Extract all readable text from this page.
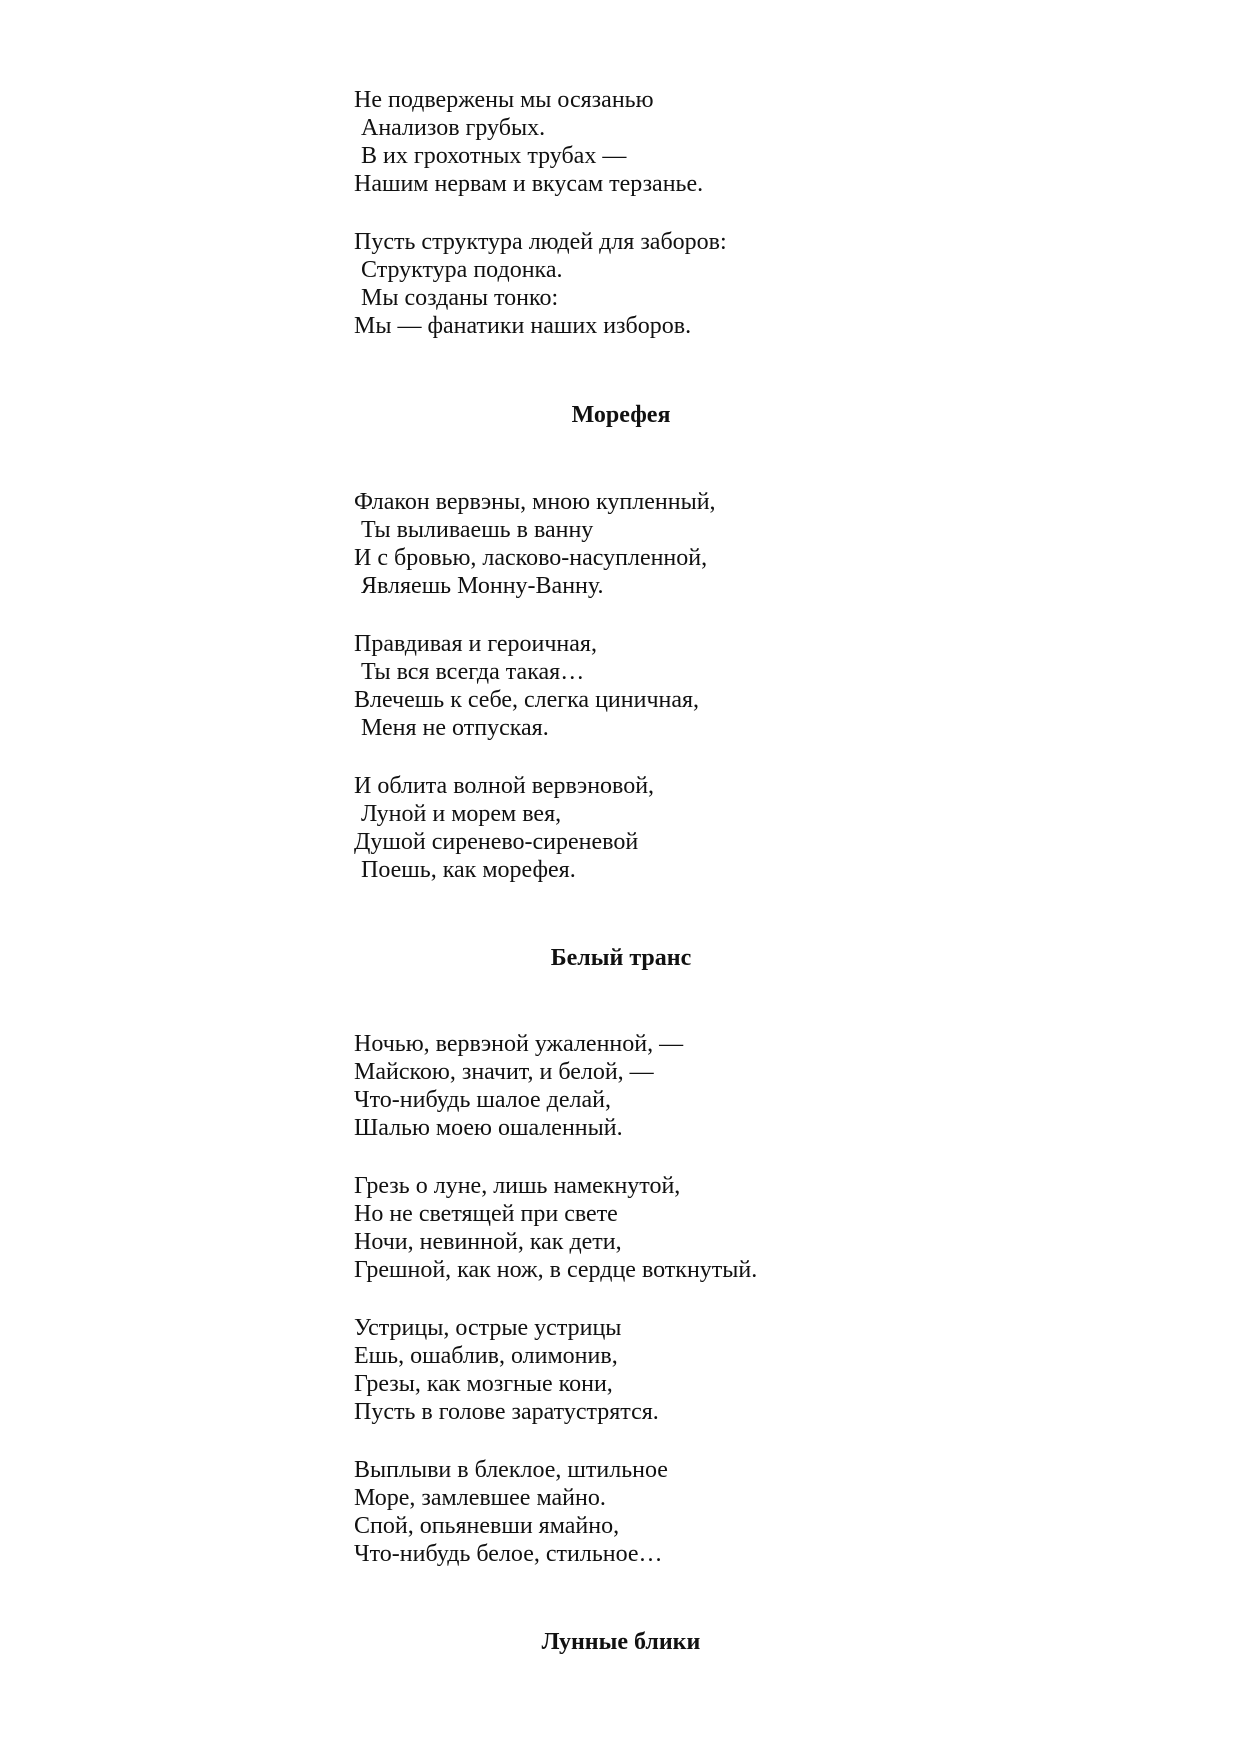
Не подвержены мы осязанью
Анализов грубых.
В их грохотных трубах —
Нашим нервам и вкусам терзанье.
Пусть структура людей для заборов:
Структура подонка.
Мы созданы тонко:
Мы — фанатики наших изборов.
Морефея
Флакон вервэны, мною купленный,
Ты выливаешь в ванну
И с бровью, ласково-насупленной,
Являешь Монну-Ванну.
Правдивая и героичная,
Ты вся всегда такая…
Влечешь к себе, слегка циничная,
Меня не отпуская.
И облита волной вервэновой,
Луной и морем вея,
Душой сиренево-сиреневой
Поешь, как морефея.
Белый транс
Ночью, вервэной ужаленной, —
Майскою, значит, и белой, —
Что-нибудь шалое делай,
Шалью моею ошаленный.
Грезь о луне, лишь намекнутой,
Но не светящей при свете
Ночи, невинной, как дети,
Грешной, как нож, в сердце воткнутый.
Устрицы, острые устрицы
Ешь, ошаблив, олимонив,
Грезы, как мозгные кони,
Пусть в голове заратустрятся.
Выплыви в блеклое, штильное
Море, замлевшее майно.
Спой, опьяневши ямайно,
Что-нибудь белое, стильное…
Лунные блики
